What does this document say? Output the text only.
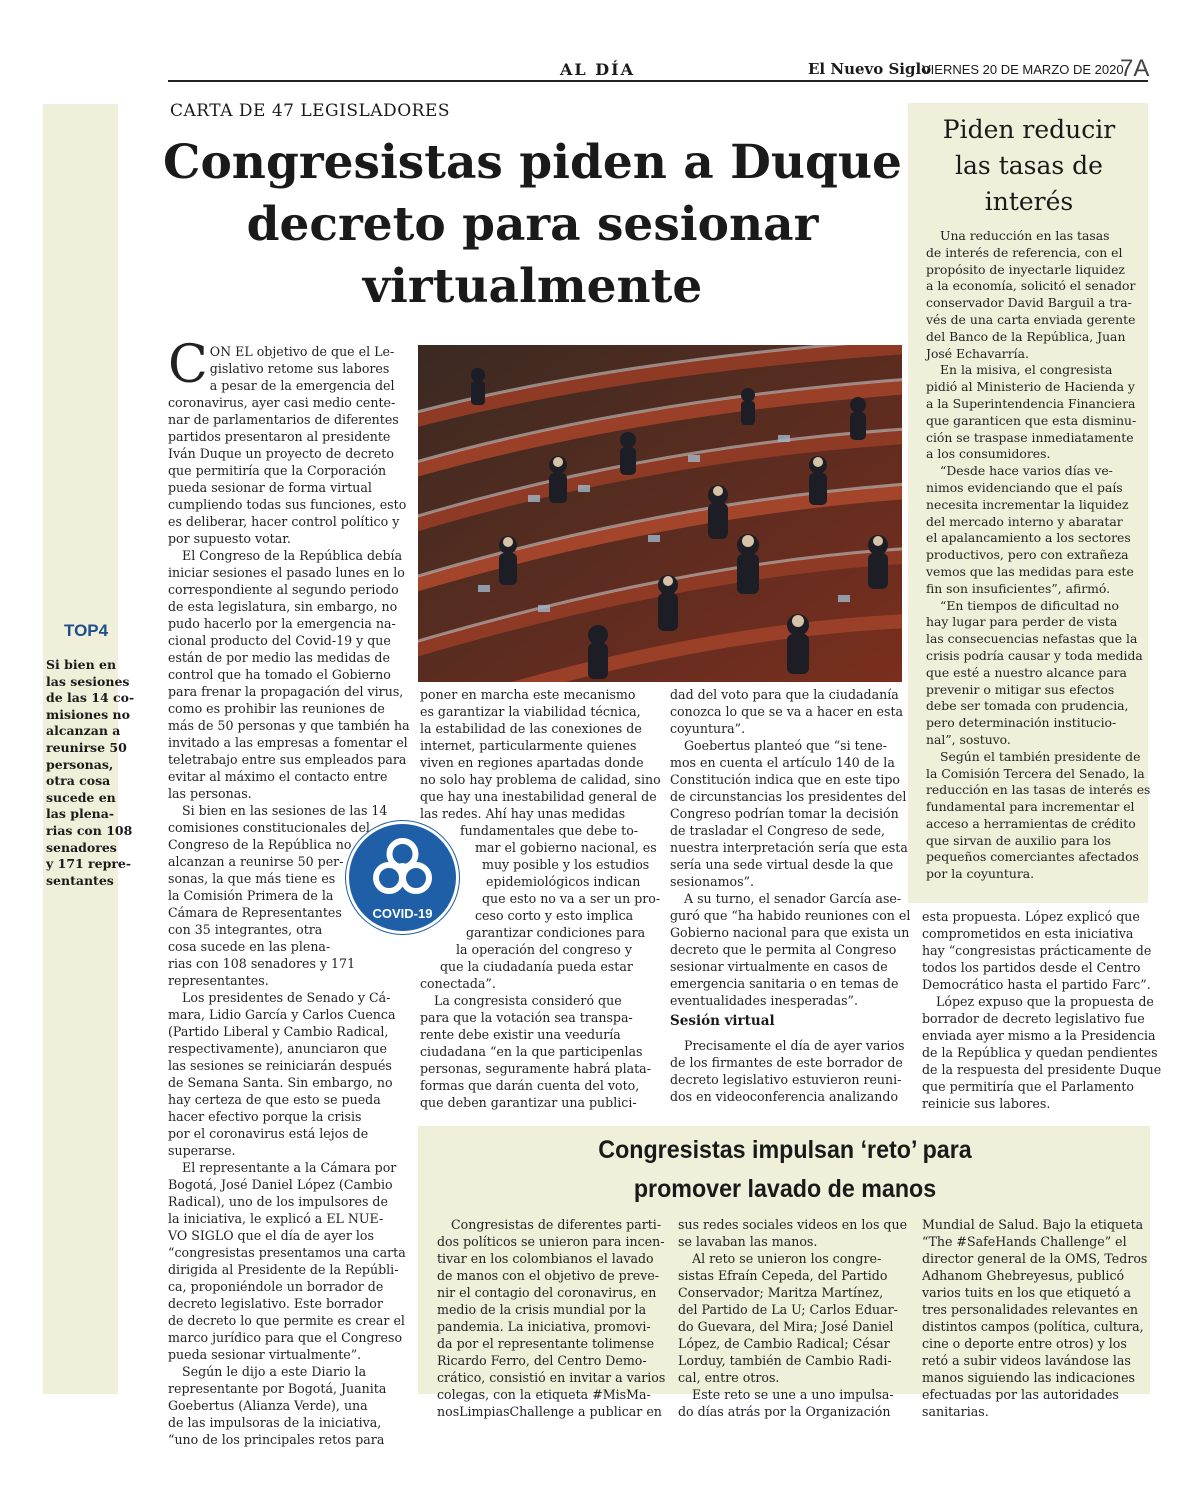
AL DÍA	El Nuevo Siglo
VIERNES 20 DE MARZO DE 2020
7A
TOP4
Si bien en
las sesiones
de las 14 co-
misiones no
alcanzan a
reunirse 50
personas,
otra cosa
sucede en
las plena-
rias con 108
senadores
y 171 repre-
sentantes
CARTA DE 47 LEGISLADORES
Congresistas piden a Duque
decreto para sesionar
virtualmente
C ON EL objetivo de que el Le-
gislativo retome sus labores
a pesar de la emergencia del
coronavirus, ayer casi medio cente-
nar de parlamentarios de diferentes
partidos presentaron al presidente
Iván Duque un proyecto de decreto
que permitiría que la Corporación
pueda sesionar de forma virtual
cumpliendo todas sus funciones, esto
es deliberar, hacer control político y
por supuesto votar.
El Congreso de la República debía
iniciar sesiones el pasado lunes en lo
correspondiente al segundo periodo
de esta legislatura, sin embargo, no
pudo hacerlo por la emergencia na-
cional producto del Covid-19 y que
están de por medio las medidas de
control que ha tomado el Gobierno
para frenar la propagación del virus,
como es prohibir las reuniones de
más de 50 personas y que también ha
invitado a las empresas a fomentar el
teletrabajo entre sus empleados para
evitar al máximo el contacto entre
las personas.
Si bien en las sesiones de las 14
comisiones constitucionales del
Congreso de la República no
alcanzan a reunirse 50 per-
sonas, la que más tiene es
la Comisión Primera de la
Cámara de Representantes
con 35 integrantes, otra
cosa sucede en las plena-
rias con 108 senadores y 171
representantes.
Los presidentes de Senado y Cá-
mara, Lidio García y Carlos Cuenca
(Partido Liberal y Cambio Radical,
respectivamente), anunciaron que
las sesiones se reiniciarán después
de Semana Santa. Sin embargo, no
hay certeza de que esto se pueda
hacer efectivo porque la crisis
por el coronavirus está lejos de
superarse.
El representante a la Cámara por
Bogotá, José Daniel López (Cambio
Radical), uno de los impulsores de
la iniciativa, le explicó a EL NUE-
VO SIGLO que el día de ayer los
“congresistas presentamos una carta
dirigida al Presidente de la Repúbli-
ca, proponiéndole un borrador de
decreto legislativo. Este borrador
de decreto lo que permite es crear el
marco jurídico para que el Congreso
pueda sesionar virtualmente”.
Según le dijo a este Diario la
representante por Bogotá, Juanita
Goebertus (Alianza Verde), una
de las impulsoras de la iniciativa,
“uno de los principales retos para
poner en marcha este mecanismo
es garantizar la viabilidad técnica,
la estabilidad de las conexiones de
internet, particularmente quienes
viven en regiones apartadas donde
no solo hay problema de calidad, sino
que hay una inestabilidad general de
las redes. Ahí hay unas medidas
fundamentales que debe to-
mar el gobierno nacional, es
muy posible y los estudios
epidemiológicos indican
que esto no va a ser un pro-
ceso corto y esto implica
garantizar condiciones para
la operación del congreso y
que la ciudadanía pueda estar
conectada”.
La congresista consideró que
para que la votación sea transpa-
rente debe existir una veeduría
ciudadana “en la que participenlas
personas, seguramente habrá plata-
formas que darán cuenta del voto,
que deben garantizar una publici-
COVID-19
dad del voto para que la ciudadanía
conozca lo que se va a hacer en esta
coyuntura”.
Goebertus planteó que “si tene-
mos en cuenta el artículo 140 de la
Constitución indica que en este tipo
de circunstancias los presidentes del
Congreso podrían tomar la decisión
de trasladar el Congreso de sede,
nuestra interpretación sería que esta
sería una sede virtual desde la que
sesionamos”.
A su turno, el senador García ase-
guró que “ha habido reuniones con el
Gobierno nacional para que exista un
decreto que le permita al Congreso
sesionar virtualmente en casos de
emergencia sanitaria o en temas de
eventualidades inesperadas”.
Sesión virtual
Precisamente el día de ayer varios
de los firmantes de este borrador de
decreto legislativo estuvieron reuni-
dos en videoconferencia analizando
esta propuesta. López explicó que
comprometidos en esta iniciativa
hay “congresistas prácticamente de
todos los partidos desde el Centro
Democrático hasta el partido Farc”.
López expuso que la propuesta de
borrador de decreto legislativo fue
enviada ayer mismo a la Presidencia
de la República y quedan pendientes
de la respuesta del presidente Duque
que permitiría que el Parlamento
reinicie sus labores.
Piden reducir
las tasas de
interés
Una reducción en las tasas
de interés de referencia, con el
propósito de inyectarle liquidez
a la economía, solicitó el senador
conservador David Barguil a tra-
vés de una carta enviada gerente
del Banco de la República, Juan
José Echavarría.
En la misiva, el congresista
pidió al Ministerio de Hacienda y
a la Superintendencia Financiera
que garanticen que esta disminu-
ción se traspase inmediatamente
a los consumidores.
“Desde hace varios días ve-
nimos evidenciando que el país
necesita incrementar la liquidez
del mercado interno y abaratar
el apalancamiento a los sectores
productivos, pero con extrañeza
vemos que las medidas para este
fin son insuficientes”, afirmó.
“En tiempos de dificultad no
hay lugar para perder de vista
las consecuencias nefastas que la
crisis podría causar y toda medida
que esté a nuestro alcance para
prevenir o mitigar sus efectos
debe ser tomada con prudencia,
pero determinación institucio-
nal”, sostuvo.
Según el también presidente de
la Comisión Tercera del Senado, la
reducción en las tasas de interés es
fundamental para incrementar el
acceso a herramientas de crédito
que sirvan de auxilio para los
pequeños comerciantes afectados
por la coyuntura.
Congresistas impulsan ‘reto’ para
promover lavado de manos
Congresistas de diferentes parti-
dos políticos se unieron para incen-
tivar en los colombianos el lavado
de manos con el objetivo de preve-
nir el contagio del coronavirus, en
medio de la crisis mundial por la
pandemia. La iniciativa, promovi-
da por el representante tolimense
Ricardo Ferro, del Centro Demo-
crático, consistió en invitar a varios
colegas, con la etiqueta #MisMa-
nosLimpiasChallenge a publicar en
sus redes sociales videos en los que
se lavaban las manos.
Al reto se unieron los congre-
sistas Efraín Cepeda, del Partido
Conservador; Maritza Martínez,
del Partido de La U; Carlos Eduar-
do Guevara, del Mira; José Daniel
López, de Cambio Radical; César
Lorduy, también de Cambio Radi-
cal, entre otros.
Este reto se une a uno impulsa-
do días atrás por la Organización
Mundial de Salud. Bajo la etiqueta
“The #SafeHands Challenge” el
director general de la OMS, Tedros
Adhanom Ghebreyesus, publicó
varios tuits en los que etiquetó a
tres personalidades relevantes en
distintos campos (política, cultura,
cine o deporte entre otros) y los
retó a subir videos lavándose las
manos siguiendo las indicaciones
efectuadas por las autoridades
sanitarias.
